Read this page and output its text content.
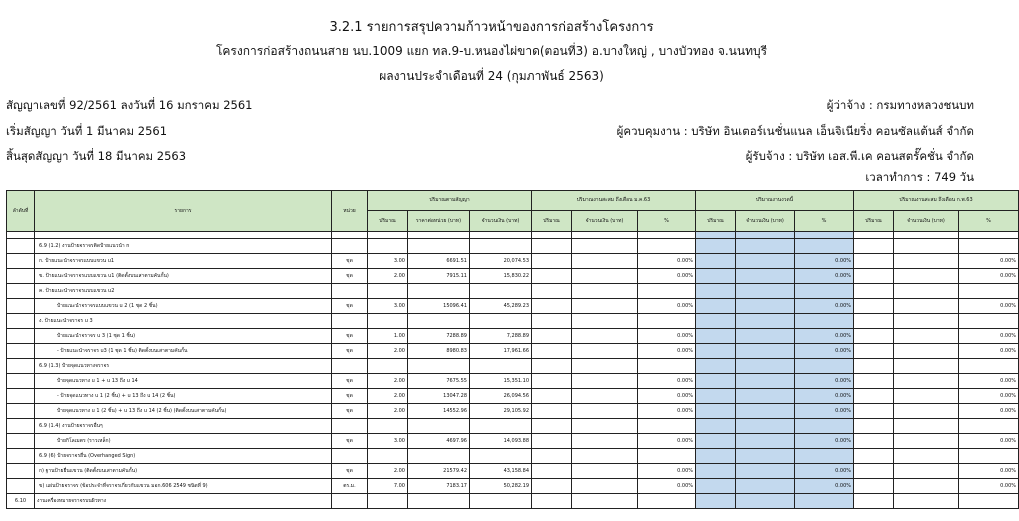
3.2.1 รายการสรุปความก้าวหน้าของการก่อสร้างโครงการ
โครงการก่อสร้างถนนสาย นบ.1009 แยก ทล.9-บ.หนองไผ่ขาด(ตอนที่3) อ.บางใหญ่ , บางบัวทอง จ.นนทบุรี
ผลงานประจำเดือนที่ 24 (กุมภาพันธ์ 2563)
สัญญาเลขที่ 92/2561 ลงวันที่ 16 มกราคม 2561
เริ่มสัญญา วันที่ 1 มีนาคม 2561
สิ้นสุดสัญญา วันที่ 18 มีนาคม 2563
ผู้ว่าจ้าง : กรมทางหลวงชนบท
ผู้ควบคุมงาน : บริษัท อินเตอร์เนชั่นแนล เอ็นจิเนียริ่ง คอนซัลแต้นส์ จำกัด
ผู้รับจ้าง : บริษัท เอส.พี.เค คอนสตรั๊คชั่น จำกัด
เวลาทำการ : 749 วัน
ลำดับที่	รายการ	หน่วย	ปริมาณตามสัญญา			ปริมาณงานสะสม ถึงเดือน ม.ค.63			ปริมาณงานงวดนี้			ปริมาณงานสะสม ถึงเดือน ก.พ.63		
			ปริมาณ	ราคาต่อหน่วย (บาท)	จำนวนเงิน (บาท)	ปริมาณ	จำนวนเงิน (บาท)	%	ปริมาณ	จำนวนเงิน (บาท)	%	ปริมาณ	จำนวนเงิน (บาท)	%

	6.9 (1.2) งานป้ายจราจรติดป้ายแนวนำ n													
	ก. ป้ายแนะนำจราจรแบบแขวน u1	ชุด	3.00	6691.51	20,074.53			0.00%			0.00%			0.00%
	ข. ป้ายแนะนำจราจรแบบแขวน u1 (ติดตั้งบนเสาตามคันกั้น)	ชุด	2.00	7915.11	15,830.22			0.00%			0.00%			0.00%
	ค. ป้ายแนะนำจราจรแบบแขวน u2													
	ป้ายแนะนำจราจรแบบแขวน u 2 (1 ชุด 2 ชิ้น)	ชุด	3.00	15096.41	45,289.23			0.00%			0.00%			0.00%
	ง. ป้ายแนะนำจราจร u 3													
	ป้ายแนะนำจราจร u 3 (1 ชุด 1 ชิ้น)	ชุด	1.00	7288.89	7,288.89			0.00%			0.00%			0.00%
	- ป้ายแนะนำจราจร u3 (1 ชุด 1 ชิ้น) ติดตั้งบนเสาตามคันกั้น	ชุด	2.00	8980.83	17,961.66			0.00%			0.00%			0.00%
	6.9 (1.3) ป้ายจุดแนวทางจราจร													
	ป้ายจุดแนวทาง u 1 + u 13 ถึง u 14	ชุด	2.00	7675.55	15,351.10			0.00%			0.00%			0.00%
	- ป้ายจุดแนวทาง u 1 (2 ชิ้น) + u 13 ถึง u 14 (2 ชิ้น)	ชุด	2.00	13047.28	26,094.56			0.00%			0.00%			0.00%
	ป้ายจุดแนวทาง u 1 (2 ชิ้น) + u 13 ถึง u 14 (2 ชิ้น) (ติดตั้งบนเสาตามคันกั้น)	ชุด	2.00	14552.96	29,105.92			0.00%			0.00%			0.00%
	6.9 (1.4) งานป้ายจราจรอื่นๆ													
	ป้ายกิโลเมตร (ราวเหล็ก)	ชุด	3.00	4697.96	14,093.88			0.00%			0.00%			0.00%
	6.9 (6) ป้ายจราจรยื่น (Overhanged Sign)													
	ก) ฐานป้ายยื่นแขวน (ติดตั้งบนเสาตามคันกั้น)	ชุด	2.00	21579.42	43,158.84			0.00%			0.00%			0.00%
	ข) แผ่นป้ายจราจร (ข้อประจำที่จราจรเกี่ยวกับแขวน มอก.606 2549 ชนิดที่ 9)	ตร.ม.	7.00	7183.17	50,282.19			0.00%			0.00%			0.00%
6.10	งานเครื่องหมายจราจรบนผิวทาง													
